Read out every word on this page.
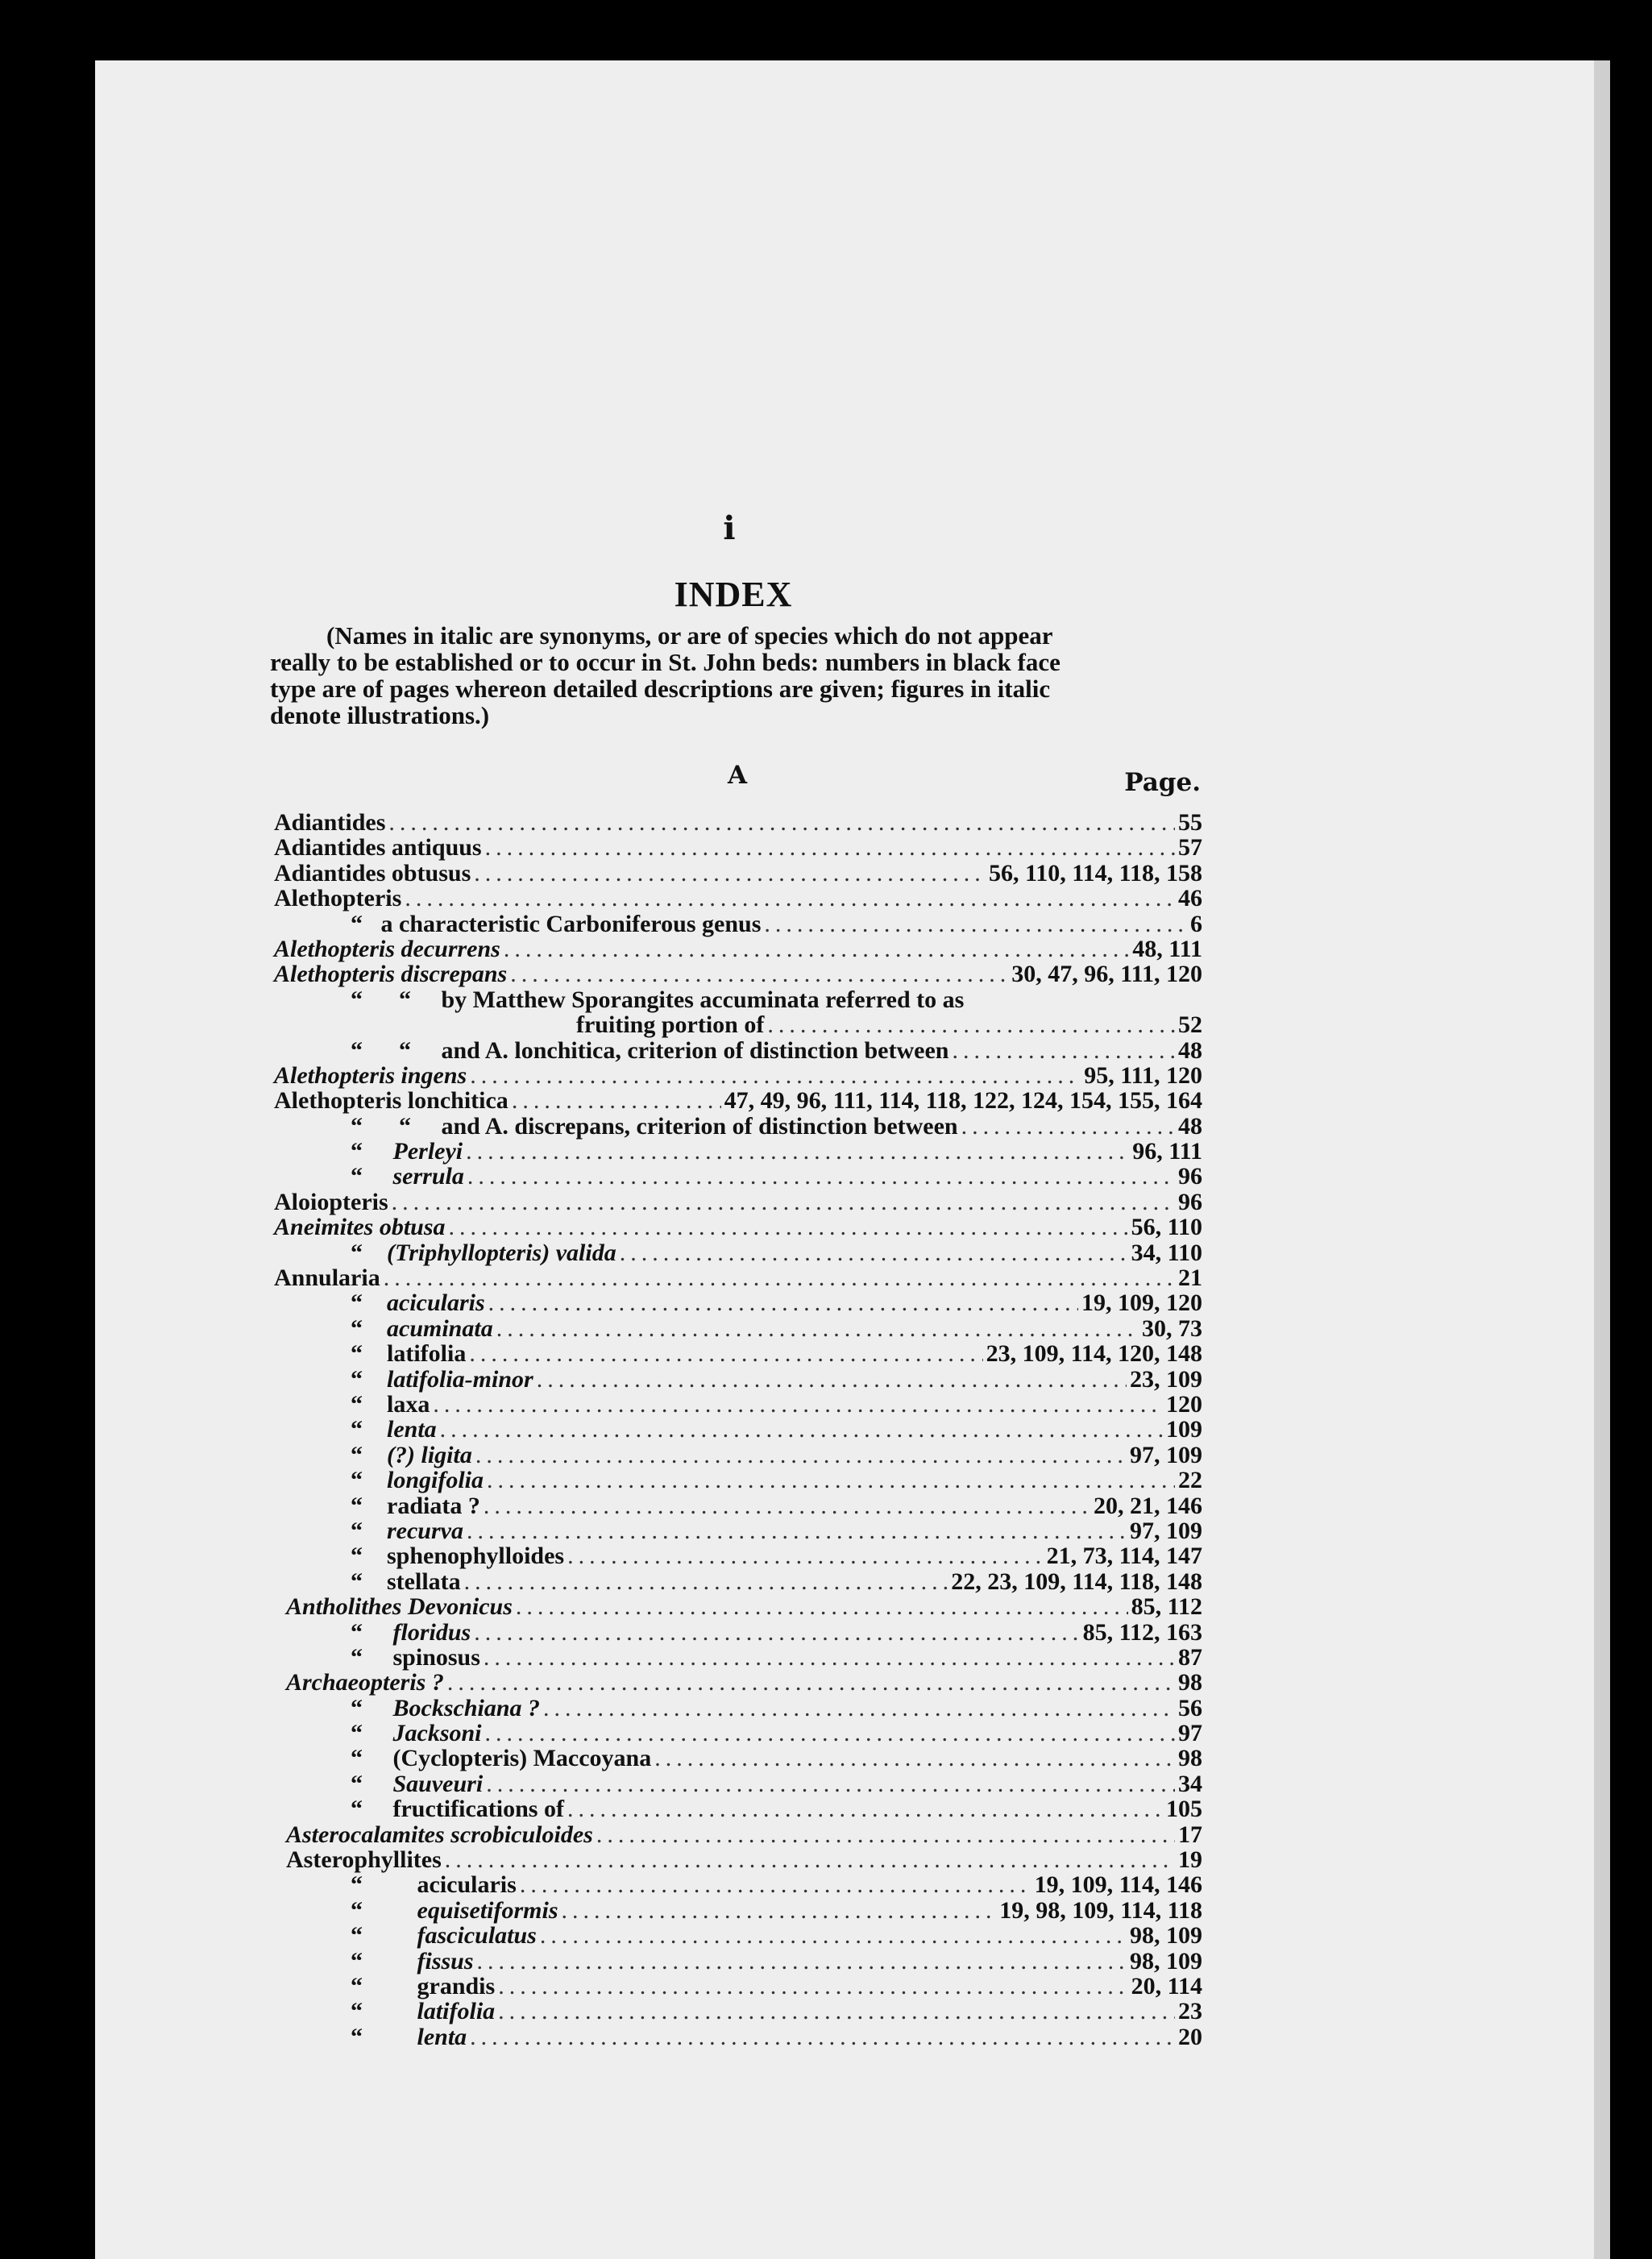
i
INDEX
(Names in italic are synonyms, or are of species which do not appear
really to be established or to occur in St. John beds: numbers in black face
type are of pages whereon detailed descriptions are given; figures in italic
denote illustrations.)
A	Page.
Adiantides .....	55
Adiantides antiquus .....	57
Adiantides obtusus .....	56, 110, 114, 118, 158
Alethopteris .....	46
“ a characteristic Carboniferous genus .....	6
Alethopteris decurrens .....	48, 111
Alethopteris discrepans .....	30, 47, 96, 111, 120
“      “ by Matthew Sporangites accuminata referred to as
fruiting portion of .....	52
“      “ and A. lonchitica, criterion of distinction between .....	48
Alethopteris ingens .....	95, 111, 120
Alethopteris lonchitica .....	47, 49, 96, 111, 114, 118, 122, 124, 154, 155, 164
“      “ and A. discrepans, criterion of distinction between .....	48
“ Perleyi .....	96, 111
“ serrula .....	96
Aloiopteris .....	96
Aneimites obtusa .....	56, 110
“ (Triphyllopteris) valida .....	34, 110
Annularia .....	21
“ acicularis .....	19, 109, 120
“ acuminata .....	30, 73
“ latifolia .....	23, 109, 114, 120, 148
“ latifolia-minor .....	23, 109
“ laxa .....	120
“ lenta .....	109
“ (?) ligita .....	97, 109
“ longifolia .....	22
“ radiata ? .....	20, 21, 146
“ recurva .....	97, 109
“ sphenophylloides .....	21, 73, 114, 147
“ stellata .....	22, 23, 109, 114, 118, 148
Antholithes Devonicus .....	85, 112
“ floridus .....	85, 112, 163
“ spinosus .....	87
Archaeopteris ? .....	98
“ Bockschiana ? .....	56
“ Jacksoni .....	97
“ (Cyclopteris) Maccoyana .....	98
“ Sauveuri .....	34
“ fructifications of .....	105
Asterocalamites scrobiculoides .....	17
Asterophyllites .....	19
“ acicularis .....	19, 109, 114, 146
“ equisetiformis .....	19, 98, 109, 114, 118
“ fasciculatus .....	98, 109
“ fissus .....	98, 109
“ grandis .....	20, 114
“ latifolia .....	23
“ lenta .....	20
